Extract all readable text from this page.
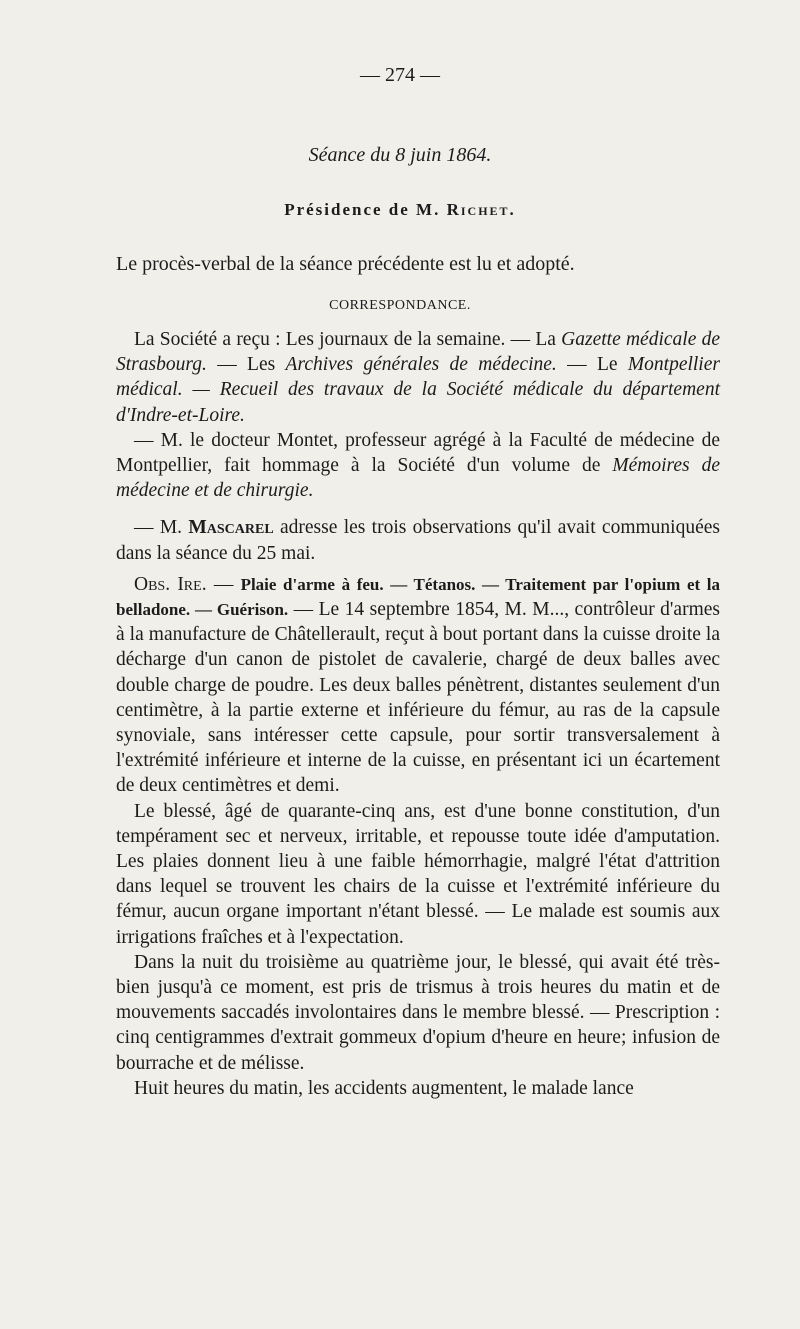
— 274 —
Séance du 8 juin 1864.
Présidence de M. Richet.

Le procès-verbal de la séance précédente est lu et adopté.

CORRESPONDANCE.

La Société a reçu : Les journaux de la semaine. — La Gazette médicale de Strasbourg. — Les Archives générales de médecine. — Le Montpellier médical. — Recueil des travaux de la Société médicale du département d'Indre-et-Loire.

— M. le docteur Montet, professeur agrégé à la Faculté de médecine de Montpellier, fait hommage à la Société d'un volume de Mémoires de médecine et de chirurgie.

— M. Mascarel adresse les trois observations qu'il avait communiquées dans la séance du 25 mai.

Obs. Ire. — Plaie d'arme à feu. — Tétanos. — Traitement par l'opium et la belladone. — Guérison. — Le 14 septembre 1854, M. M..., contrôleur d'armes à la manufacture de Châtellerault, reçut à bout portant dans la cuisse droite la décharge d'un canon de pistolet de cavalerie, chargé de deux balles avec double charge de poudre. Les deux balles pénètrent, distantes seulement d'un centimètre, à la partie externe et inférieure du fémur, au ras de la capsule synoviale, sans intéresser cette capsule, pour sortir transversalement à l'extrémité inférieure et interne de la cuisse, en présentant ici un écartement de deux centimètres et demi.

Le blessé, âgé de quarante-cinq ans, est d'une bonne constitution, d'un tempérament sec et nerveux, irritable, et repousse toute idée d'amputation. Les plaies donnent lieu à une faible hémorrhagie, malgré l'état d'attrition dans lequel se trouvent les chairs de la cuisse et l'extrémité inférieure du fémur, aucun organe important n'étant blessé. — Le malade est soumis aux irrigations fraîches et à l'expectation.

Dans la nuit du troisième au quatrième jour, le blessé, qui avait été très-bien jusqu'à ce moment, est pris de trismus à trois heures du matin et de mouvements saccadés involontaires dans le membre blessé. — Prescription : cinq centigrammes d'extrait gommeux d'opium d'heure en heure; infusion de bourrache et de mélisse.

Huit heures du matin, les accidents augmentent, le malade lance
